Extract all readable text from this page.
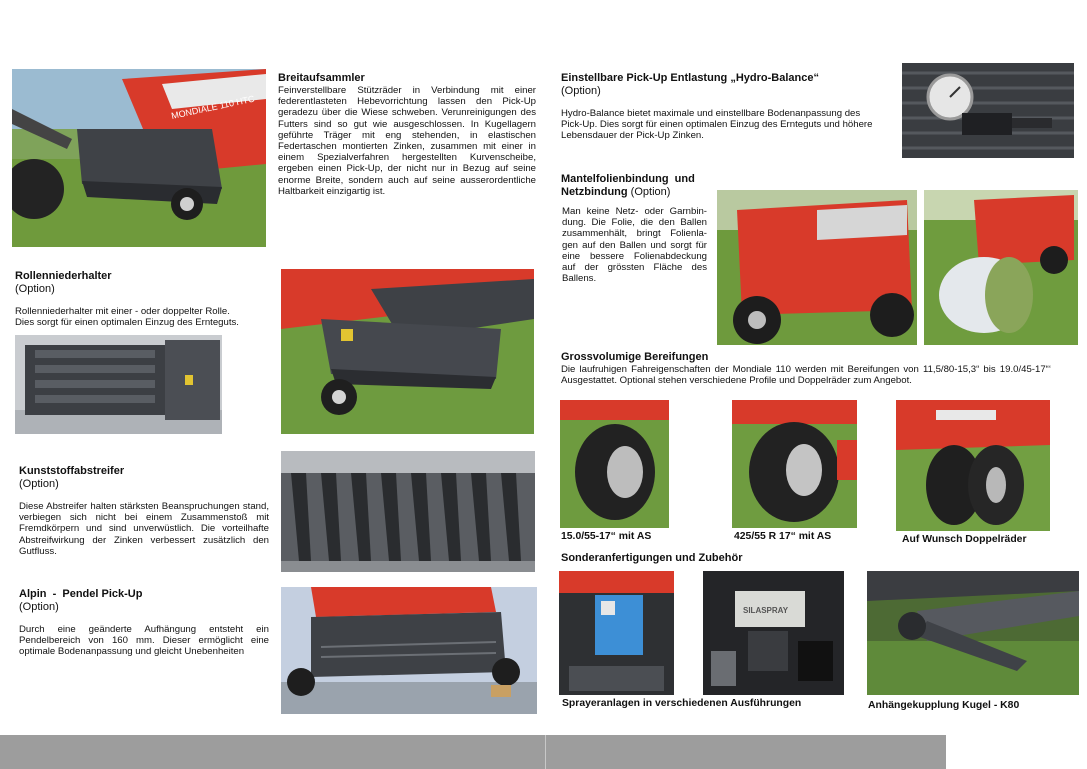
MONDIALE 110 HTC
Breitaufsammler
Feinverstellbare Stützräder in Verbindung mit einer federentlasteten Hebevorrichtung lassen den Pick-Up geradezu über die Wiese schweben. Verunreinigungen des Futters sind so gut wie ausgeschlossen. In Kugellagern geführte Träger mit eng stehenden, in elastischen Federtaschen montierten Zinken, zusammen mit einer in einem Spezialverfahren hergestellten Kurvenscheibe, ergeben einen Pick-Up, der nicht nur in Bezug auf seine enorme Breite, sondern auch auf seine ausserordentliche Haltbarkeit einzigartig ist.
Rollenniederhalter
(Option)
Rollenniederhalter mit einer - oder doppelter Rolle. Dies sorgt für einen optimalen Einzug des Ernteguts.
Kunststoffabstreifer
(Option)
Diese Abstreifer halten stärksten Beanspruchungen stand, verbiegen sich nicht bei einem Zusammenstoß mit Fremdkörpern und sind unverwüstlich. Die vorteilhafte Abstreifwirkung der Zinken verbessert zusätzlich den Gutfluss.
Alpin  -  Pendel Pick-Up
(Option)
Durch eine geänderte Aufhängung entsteht ein Pendelbereich von 160 mm. Dieser ermöglicht eine optimale Bodenanpassung und gleicht Unebenheiten
Einstellbare Pick-Up Entlastung „Hydro-Balance“
(Option)
Hydro-Balance bietet maximale und einstellbare Bodenanpassung des Pick-Up. Dies sorgt für einen optimalen Einzug des Ernteguts und höhere Lebensdauer der Pick-Up Zinken.
Mantelfolienbindung  und
Netzbindung (Option)
Man keine Netz- oder Garnbin-dung. Die Folie, die den Ballen zusammenhält, bringt Folienla-gen auf den Ballen und sorgt für eine bessere Folienabdeckung auf der grössten Fläche des Ballens.
Grossvolumige Bereifungen
Die laufruhigen Fahreigenschaften der Mondiale 110 werden mit Bereifungen von 11,5/80-15,3“ bis 19.0/45-17“‘ Ausgestattet. Optional stehen verschiedene Profile und Doppelräder zum Angebot.
15.0/55-17“ mit AS	425/55 R 17“ mit AS	Auf Wunsch Doppelräder
Sonderanfertigungen und Zubehör
SILASPRAY
Sprayeranlagen in verschiedenen Ausführungen	Anhängekupplung Kugel - K80
